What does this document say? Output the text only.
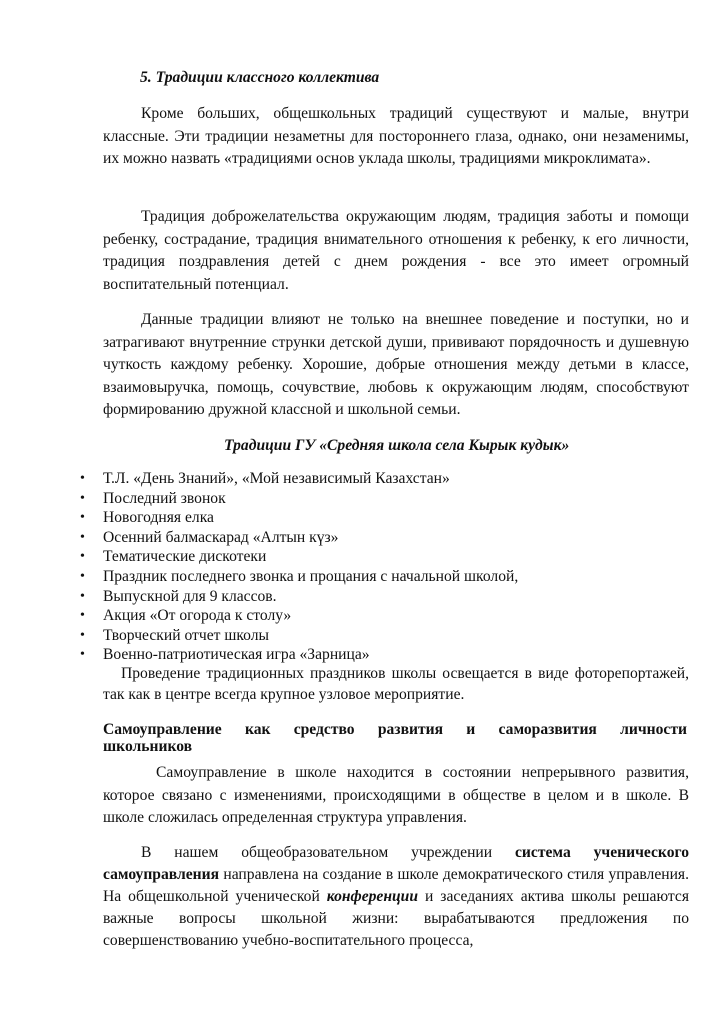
5. Традиции классного коллектива

Кроме больших, общешкольных традиций существуют и малые, внутри классные. Эти традиции незаметны для постороннего глаза, однако, они незаменимы, их можно назвать «традициями основ уклада школы, традициями микроклимата».

Традиция доброжелательства окружающим людям, традиция заботы и помощи ребенку, сострадание, традиция внимательного отношения к ребенку, к его личности, традиция поздравления детей с днем рождения - все это имеет огромный воспитательный потенциал.

Данные традиции влияют не только на внешнее поведение и поступки, но и затрагивают внутренние струнки детской души, прививают порядочность и душевную чуткость каждому ребенку. Хорошие, добрые отношения между детьми в классе, взаимовыручка, помощь, сочувствие, любовь к окружающим людям, способствуют формированию дружной классной и школьной семьи.

Традиции ГУ «Средняя школа села Кырык кудык»

• Т.Л. «День Знаний», «Мой независимый Казахстан»
• Последний звонок
• Новогодняя елка
• Осенний балмаскарад «Алтын күз»
• Тематические дискотеки
• Праздник последнего звонка и прощания с начальной школой,
• Выпускной для 9 классов.
• Акция «От огорода к столу»
• Творческий отчет школы
• Военно-патриотическая игра «Зарница»

Проведение традиционных праздников школы освещается в виде фоторепортажей, так как в центре всегда крупное узловое мероприятие.

Самоуправление как средство развития и саморазвития личности

школьников

Самоуправление в школе находится в состоянии непрерывного развития, которое связано с изменениями, происходящими в обществе в целом и в школе. В школе сложилась определенная структура управления.

В нашем общеобразовательном учреждении система ученического самоуправления направлена на создание в школе демократического стиля управления. На общешкольной ученической конференции и заседаниях актива школы решаются важные вопросы школьной жизни: вырабатываются предложения по совершенствованию учебно-воспитательного процесса,
